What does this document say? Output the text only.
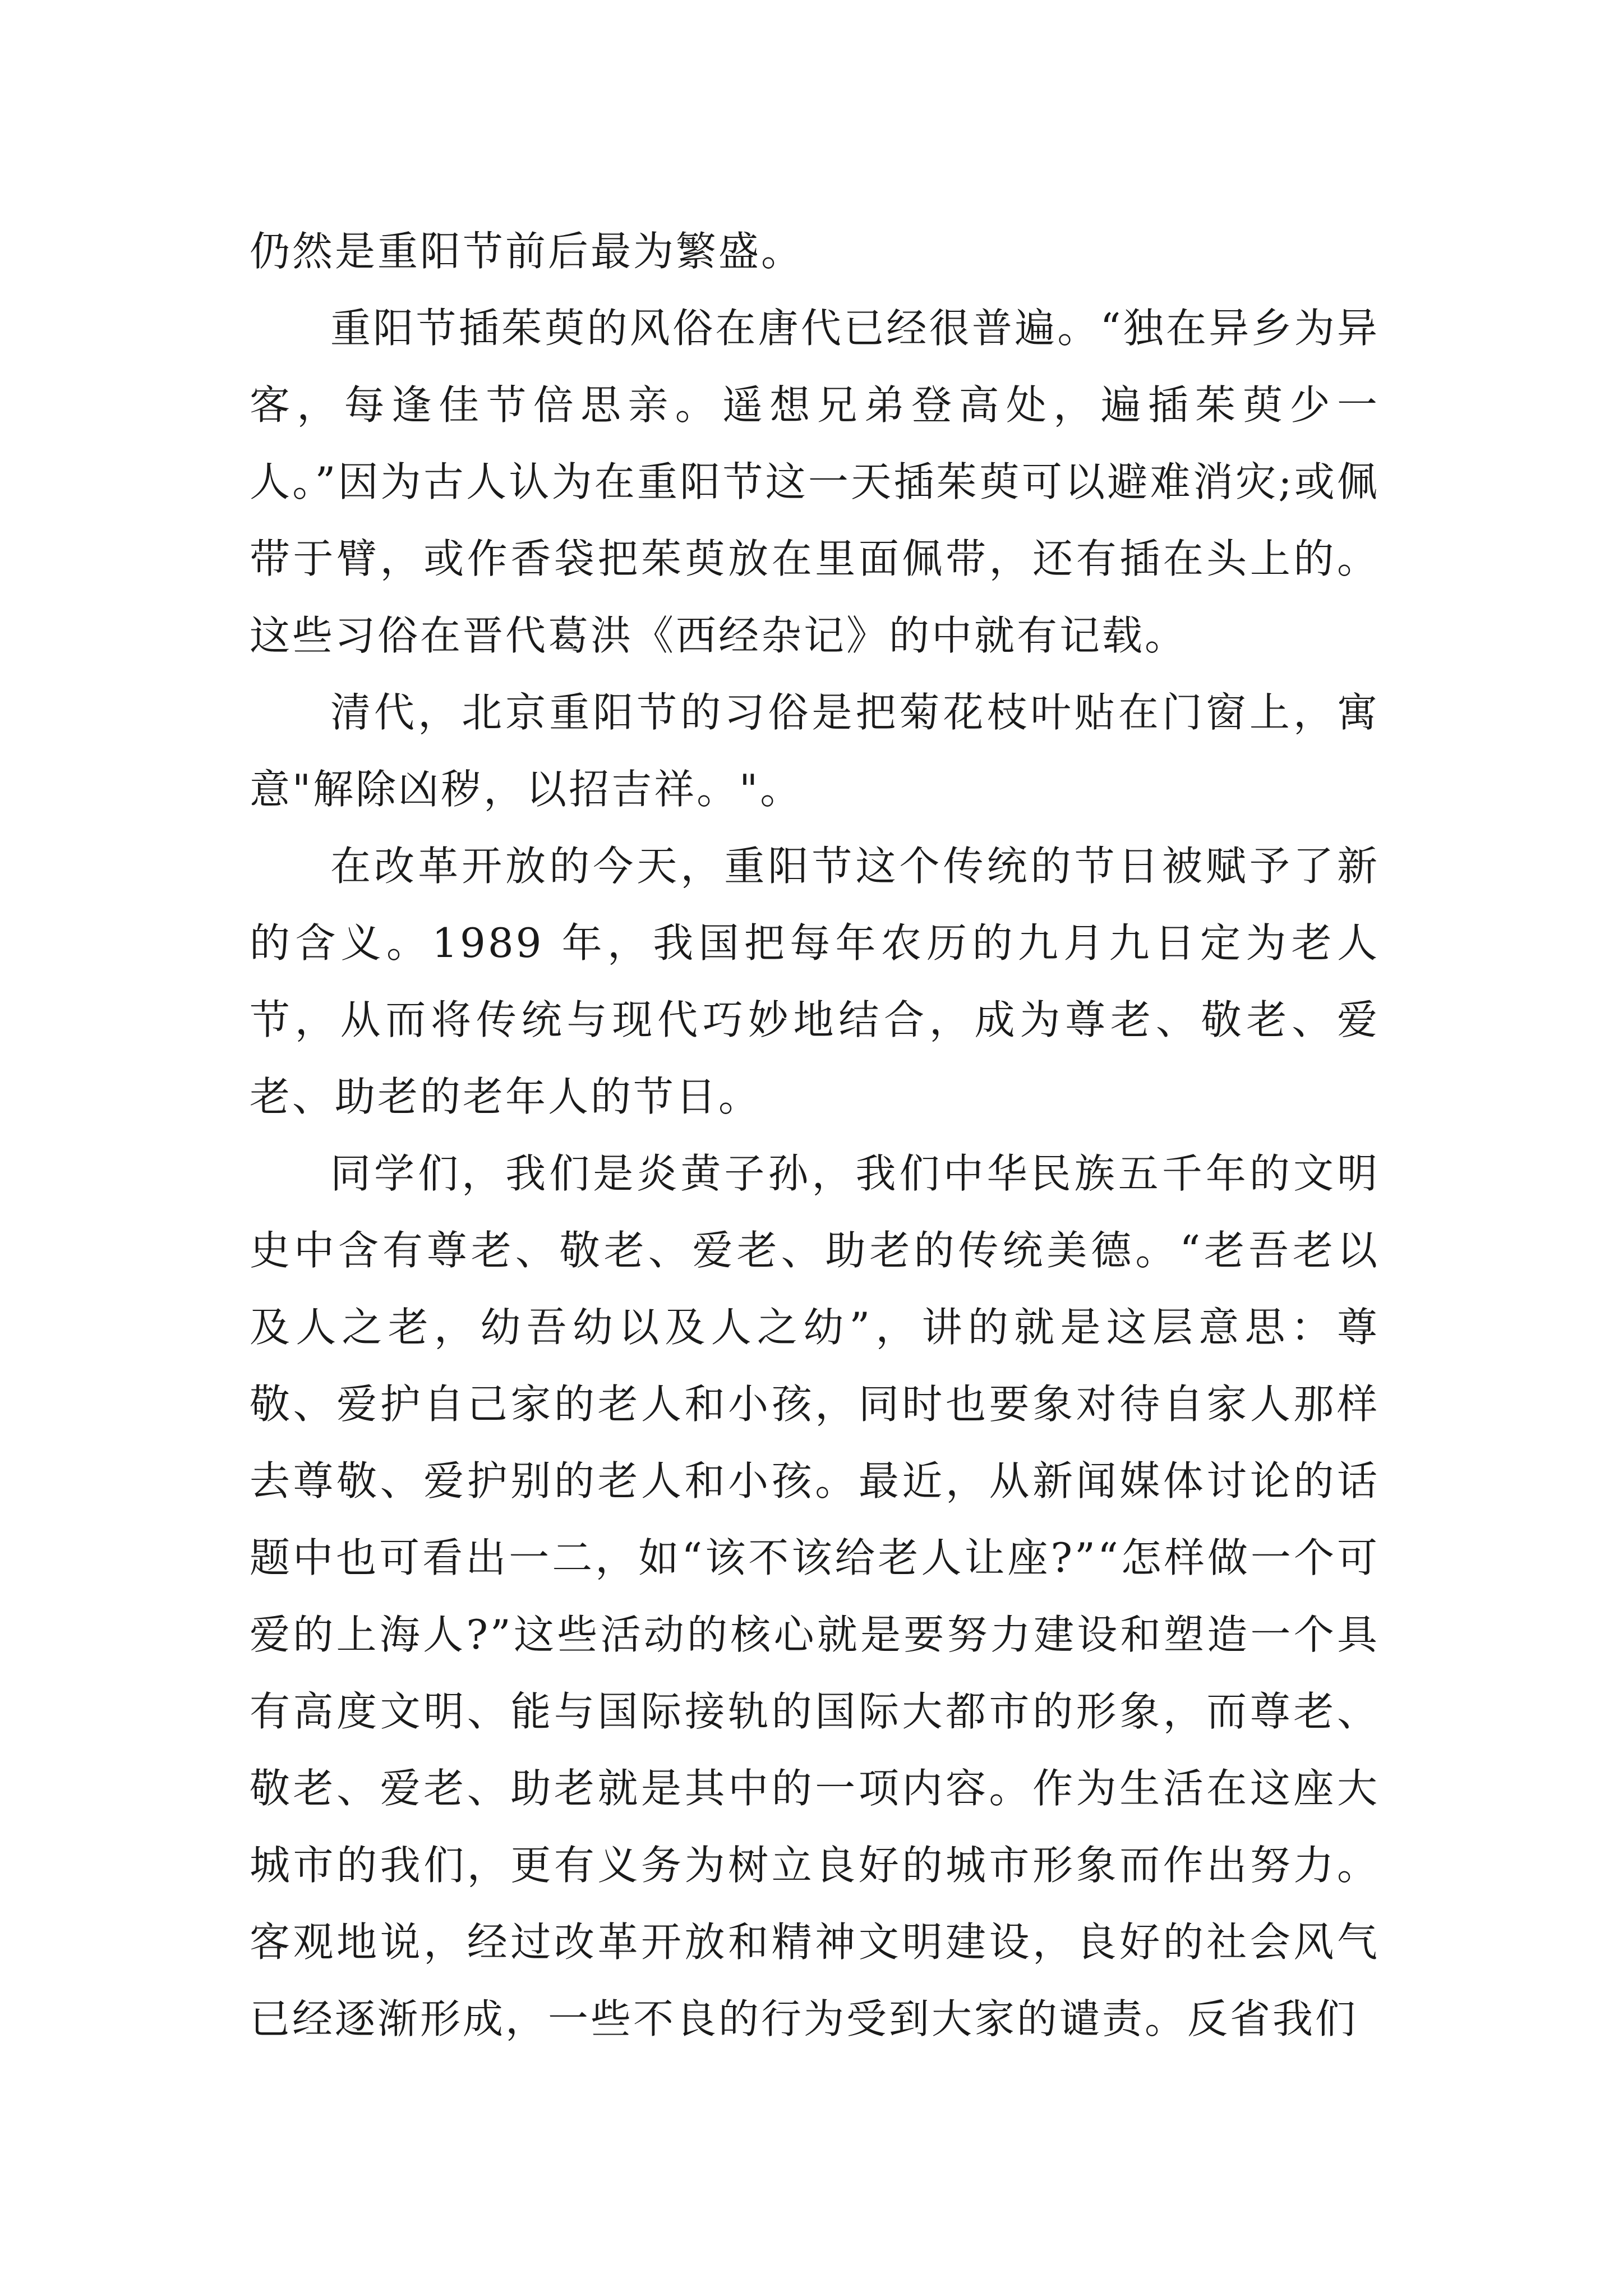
仍然是重阳节前后最为繁盛。

重阳节插茱萸的风俗在唐代已经很普遍。“独在异乡为异客，每逢佳节倍思亲。遥想兄弟登高处，遍插茱萸少一人。”因为古人认为在重阳节这一天插茱萸可以避难消灾;或佩带于臂，或作香袋把茱萸放在里面佩带，还有插在头上的。这些习俗在晋代葛洪《西经杂记》的中就有记载。

清代，北京重阳节的习俗是把菊花枝叶贴在门窗上，寓意"解除凶秽，以招吉祥。"。

在改革开放的今天，重阳节这个传统的节日被赋予了新的含义。1989 年，我国把每年农历的九月九日定为老人节，从而将传统与现代巧妙地结合，成为尊老、敬老、爱老、助老的老年人的节日。

同学们，我们是炎黄子孙，我们中华民族五千年的文明史中含有尊老、敬老、爱老、助老的传统美德。“老吾老以及人之老，幼吾幼以及人之幼”，讲的就是这层意思：尊敬、爱护自己家的老人和小孩，同时也要象对待自家人那样去尊敬、爱护别的老人和小孩。最近，从新闻媒体讨论的话题中也可看出一二，如“该不该给老人让座?”“怎样做一个可爱的上海人?”这些活动的核心就是要努力建设和塑造一个具有高度文明、能与国际接轨的国际大都市的形象，而尊老、敬老、爱老、助老就是其中的一项内容。作为生活在这座大城市的我们，更有义务为树立良好的城市形象而作出努力。客观地说，经过改革开放和精神文明建设，良好的社会风气已经逐渐形成，一些不良的行为受到大家的谴责。反省我们
